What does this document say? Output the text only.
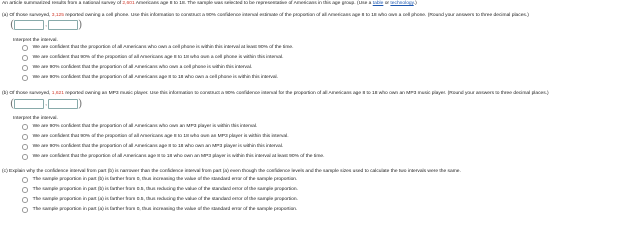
An article summarized results from a national survey of 2,601 Americans age 8 to 18. The sample was selected to be representative of Americans in this age group. (Use a table or technology.)
(a) Of those surveyed, 3,125 reported owning a cell phone. Use this information to construct a 90% confidence interval estimate of the proportion of all Americans age 8 to 18 who own a cell phone. (Round your answers to three decimal places.)
(	,	)
Interpret the interval.
We are confident that the proportion of all Americans who own a cell phone is within this interval at least 90% of the time.
We are confident that 90% of the proportion of all Americans age 8 to 18 who own a cell phone is within this interval.
We are 90% confident that the proportion of all Americans who own a cell phone is within this interval.
We are 90% confident that the proportion of all Americans age 8 to 18 who own a cell phone is within this interval.
(b) Of those surveyed, 1,621 reported owning an MP3 music player. Use this information to construct a 90% confidence interval for the proportion of all Americans age 8 to 18 who own an MP3 music player. (Round your answers to three decimal places.)
(	,	)
Interpret the interval.
We are 90% confident that the proportion of all Americans who own an MP3 player is within this interval.
We are confident that 90% of the proportion of all Americans age 8 to 18 who own an MP3 player is within this interval.
We are 90% confident that the proportion of all Americans age 8 to 18 who own an MP3 player is within this interval.
We are confident that the proportion of all Americans age 8 to 18 who own an MP3 player is within this interval at least 90% of the time.
(c) Explain why the confidence interval from part (b) is narrower than the confidence interval from part (a) even though the confidence levels and the sample sizes used to calculate the two intervals were the same.
The sample proportion in part (b) is farther from 0, thus increasing the value of the standard error of the sample proportion.
The sample proportion in part (b) is farther from 0.5, thus reducing the value of the standard error of the sample proportion.
The sample proportion in part (a) is farther from 0.5, thus reducing the value of the standard error of the sample proportion.
The sample proportion in part (a) is farther from 0, thus increasing the value of the standard error of the sample proportion.
